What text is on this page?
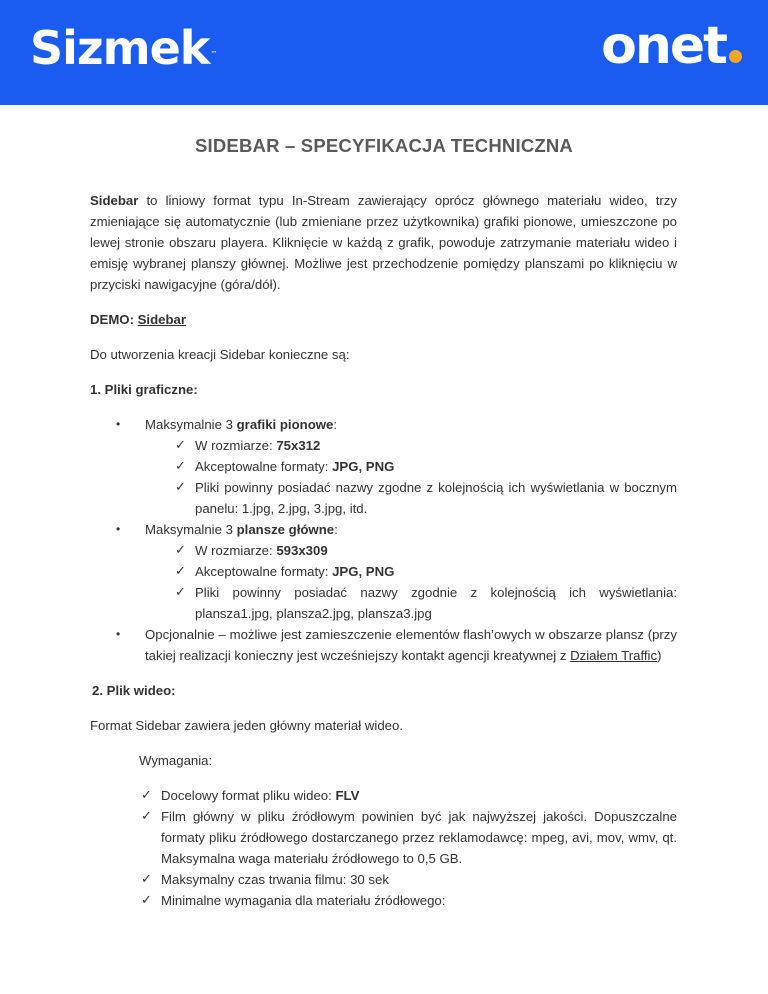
Sizmek ™	onet
SIDEBAR – SPECYFIKACJA TECHNICZNA

Sidebar to liniowy format typu In-Stream zawierający oprócz głównego materiału wideo, trzy zmieniające się automatycznie (lub zmieniane przez użytkownika) grafiki pionowe, umieszczone po lewej stronie obszaru playera. Kliknięcie w każdą z grafik, powoduje zatrzymanie materiału wideo i emisję wybranej planszy głównej. Możliwe jest przechodzenie pomiędzy planszami po kliknięciu w przyciski nawigacyjne (góra/dół).

DEMO: Sidebar

Do utworzenia kreacji Sidebar konieczne są:

1. Pliki graficzne:

• Maksymalnie 3 grafiki pionowe:
✓ W rozmiarze: 75x312
✓ Akceptowalne formaty: JPG, PNG
✓ Pliki powinny posiadać nazwy zgodne z kolejnością ich wyświetlania w bocznym panelu: 1.jpg, 2.jpg, 3.jpg, itd.
• Maksymalnie 3 plansze główne:
✓ W rozmiarze: 593x309
✓ Akceptowalne formaty: JPG, PNG
✓ Pliki powinny posiadać nazwy zgodnie z kolejnością ich wyświetlania: plansza1.jpg, plansza2.jpg, plansza3.jpg
• Opcjonalnie – możliwe jest zamieszczenie elementów flash’owych w obszarze plansz (przy takiej realizacji konieczny jest wcześniejszy kontakt agencji kreatywnej z Działem Traffic)

2. Plik wideo:

Format Sidebar zawiera jeden główny materiał wideo.

Wymagania:

✓ Docelowy format pliku wideo: FLV
✓ Film główny w pliku źródłowym powinien być jak najwyższej jakości. Dopuszczalne formaty pliku źródłowego dostarczanego przez reklamodawcę: mpeg, avi, mov, wmv, qt. Maksymalna waga materiału źródłowego to 0,5 GB.
✓ Maksymalny czas trwania filmu: 30 sek
✓ Minimalne wymagania dla materiału źródłowego:
